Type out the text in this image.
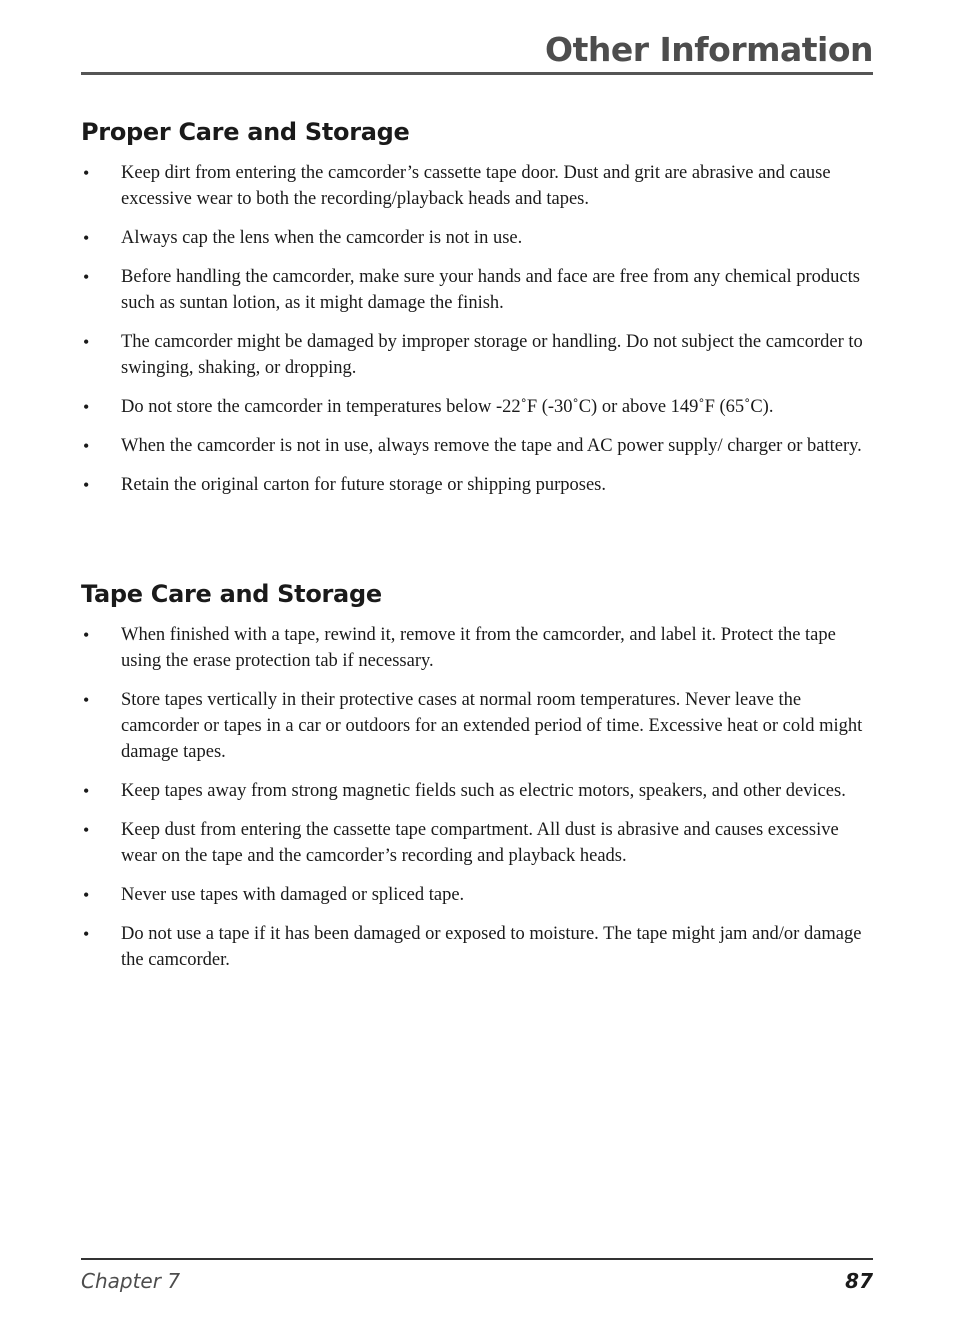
Other Information
Proper Care and Storage
• Keep dirt from entering the camcorder’s cassette tape door. Dust and grit are abrasive and cause excessive wear to both the recording/playback heads and tapes.
• Always cap the lens when the camcorder is not in use.
• Before handling the camcorder, make sure your hands and face are free from any chemical products such as suntan lotion, as it might damage the finish.
• The camcorder might be damaged by improper storage or handling. Do not subject the camcorder to swinging, shaking, or dropping.
• Do not store the camcorder in temperatures below -22˚F (-30˚C) or above 149˚F (65˚C).
• When the camcorder is not in use, always remove the tape and AC power supply/ charger or battery.
• Retain the original carton for future storage or shipping purposes.
Tape Care and Storage
• When finished with a tape, rewind it, remove it from the camcorder, and label it. Protect the tape using the erase protection tab if necessary.
• Store tapes vertically in their protective cases at normal room temperatures. Never leave the camcorder or tapes in a car or outdoors for an extended period of time. Excessive heat or cold might damage tapes.
• Keep tapes away from strong magnetic fields such as electric motors, speakers, and other devices.
• Keep dust from entering the cassette tape compartment. All dust is abrasive and causes excessive wear on the tape and the camcorder’s recording and playback heads.
• Never use tapes with damaged or spliced tape.
• Do not use a tape if it has been damaged or exposed to moisture. The tape might jam and/or damage the camcorder.

Chapter 7	87
